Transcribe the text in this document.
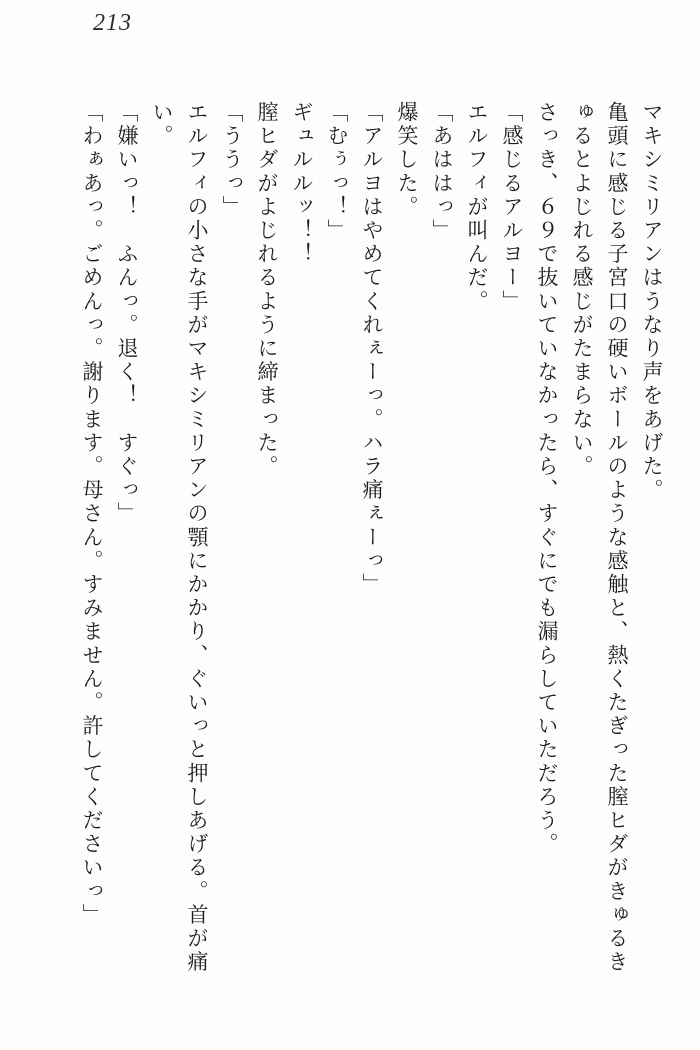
213

マキシミリアンはうなり声をあげた。

亀頭に感じる子宮口の硬いボールのような感触と、熱くたぎった膣ヒダがきゅるき

ゅるとよじれる感じがたまらない。

さっき、６９で抜いていなかったら、すぐにでも漏らしていただろう。

「感じるアルヨー」

エルフィが叫んだ。

「あははっ」

爆笑した。

「アルヨはやめてくれぇーっ。ハラ痛ぇーっ」

「むぅっ！」

ギュルルッ！！

膣ヒダがよじれるように締まった。

「ううっ」

エルフィの小さな手がマキシミリアンの顎にかかり、ぐいっと押しあげる。首が痛

い。

「嫌いっ！　ふんっ。退く！　すぐっ」

「わぁあっ。ごめんっ。謝ります。母さん。すみません。許してくださいっ」
